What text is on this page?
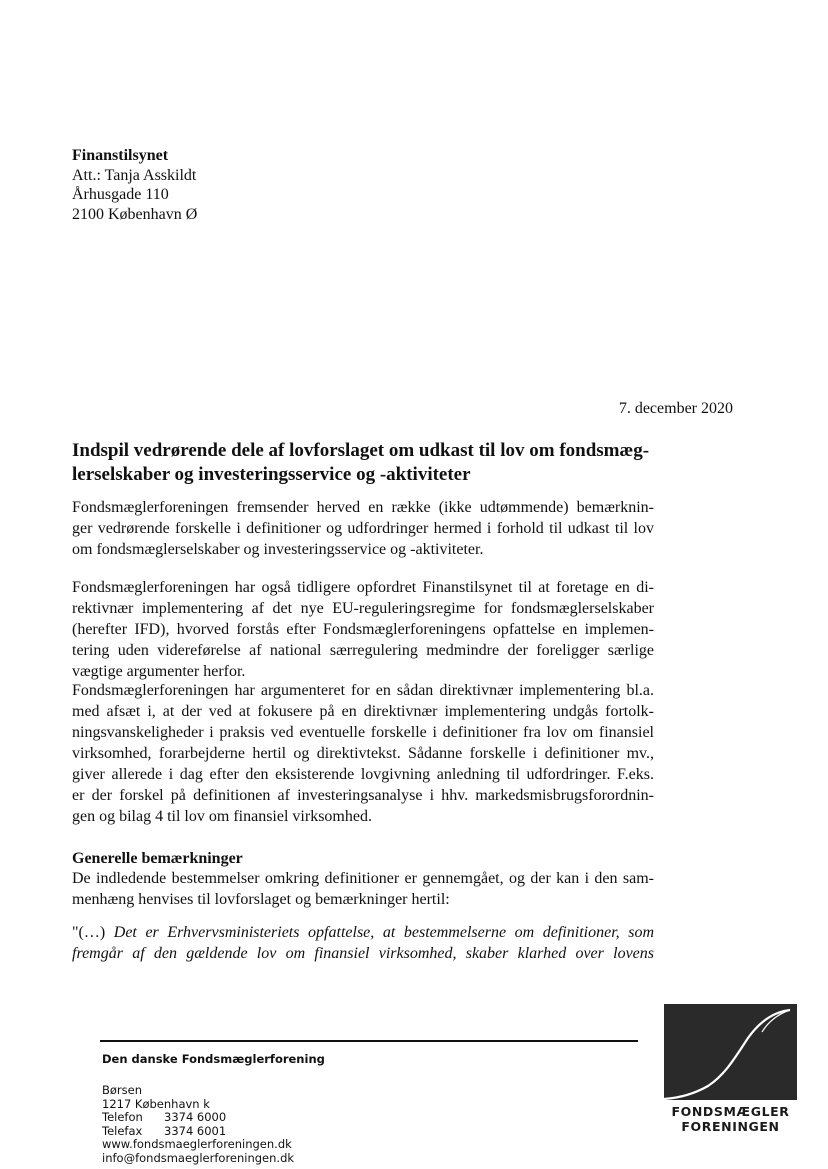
Finanstilsynet
Att.: Tanja Asskildt
Århusgade 110
2100 København Ø
7. december 2020
Indspil vedrørende dele af lovforslaget om udkast til lov om fondsmæg-
lerselskaber og investeringsservice og -aktiviteter
Fondsmæglerforeningen fremsender herved en række (ikke udtømmende) bemærknin-
ger vedrørende forskelle i definitioner og udfordringer hermed i forhold til udkast til lov
om fondsmæglerselskaber og investeringsservice og -aktiviteter.
Fondsmæglerforeningen har også tidligere opfordret Finanstilsynet til at foretage en di-
rektivnær implementering af det nye EU-reguleringsregime for fondsmæglerselskaber
(herefter IFD), hvorved forstås efter Fondsmæglerforeningens opfattelse en implemen-
tering uden videreførelse af national særregulering medmindre der foreligger særlige
vægtige argumenter herfor.
Fondsmæglerforeningen har argumenteret for en sådan direktivnær implementering bl.a.
med afsæt i, at der ved at fokusere på en direktivnær implementering undgås fortolk-
ningsvanskeligheder i praksis ved eventuelle forskelle i definitioner fra lov om finansiel
virksomhed, forarbejderne hertil og direktivtekst. Sådanne forskelle i definitioner mv.,
giver allerede i dag efter den eksisterende lovgivning anledning til udfordringer. F.eks.
er der forskel på definitionen af investeringsanalyse i hhv. markedsmisbrugsforordnin-
gen og bilag 4 til lov om finansiel virksomhed.
Generelle bemærkninger
De indledende bestemmelser omkring definitioner er gennemgået, og der kan i den sam-
menhæng henvises til lovforslaget og bemærkninger hertil:
"(…) Det er Erhvervsministeriets opfattelse, at bestemmelserne om definitioner, som
fremgår af den gældende lov om finansiel virksomhed, skaber klarhed over lovens
Den danske Fondsmæglerforening
Børsen
1217 København k
Telefon 3374 6000
Telefax 3374 6001
www.fondsmaeglerforeningen.dk
info@fondsmaeglerforeningen.dk
FONDSMÆGLER
FORENINGEN
